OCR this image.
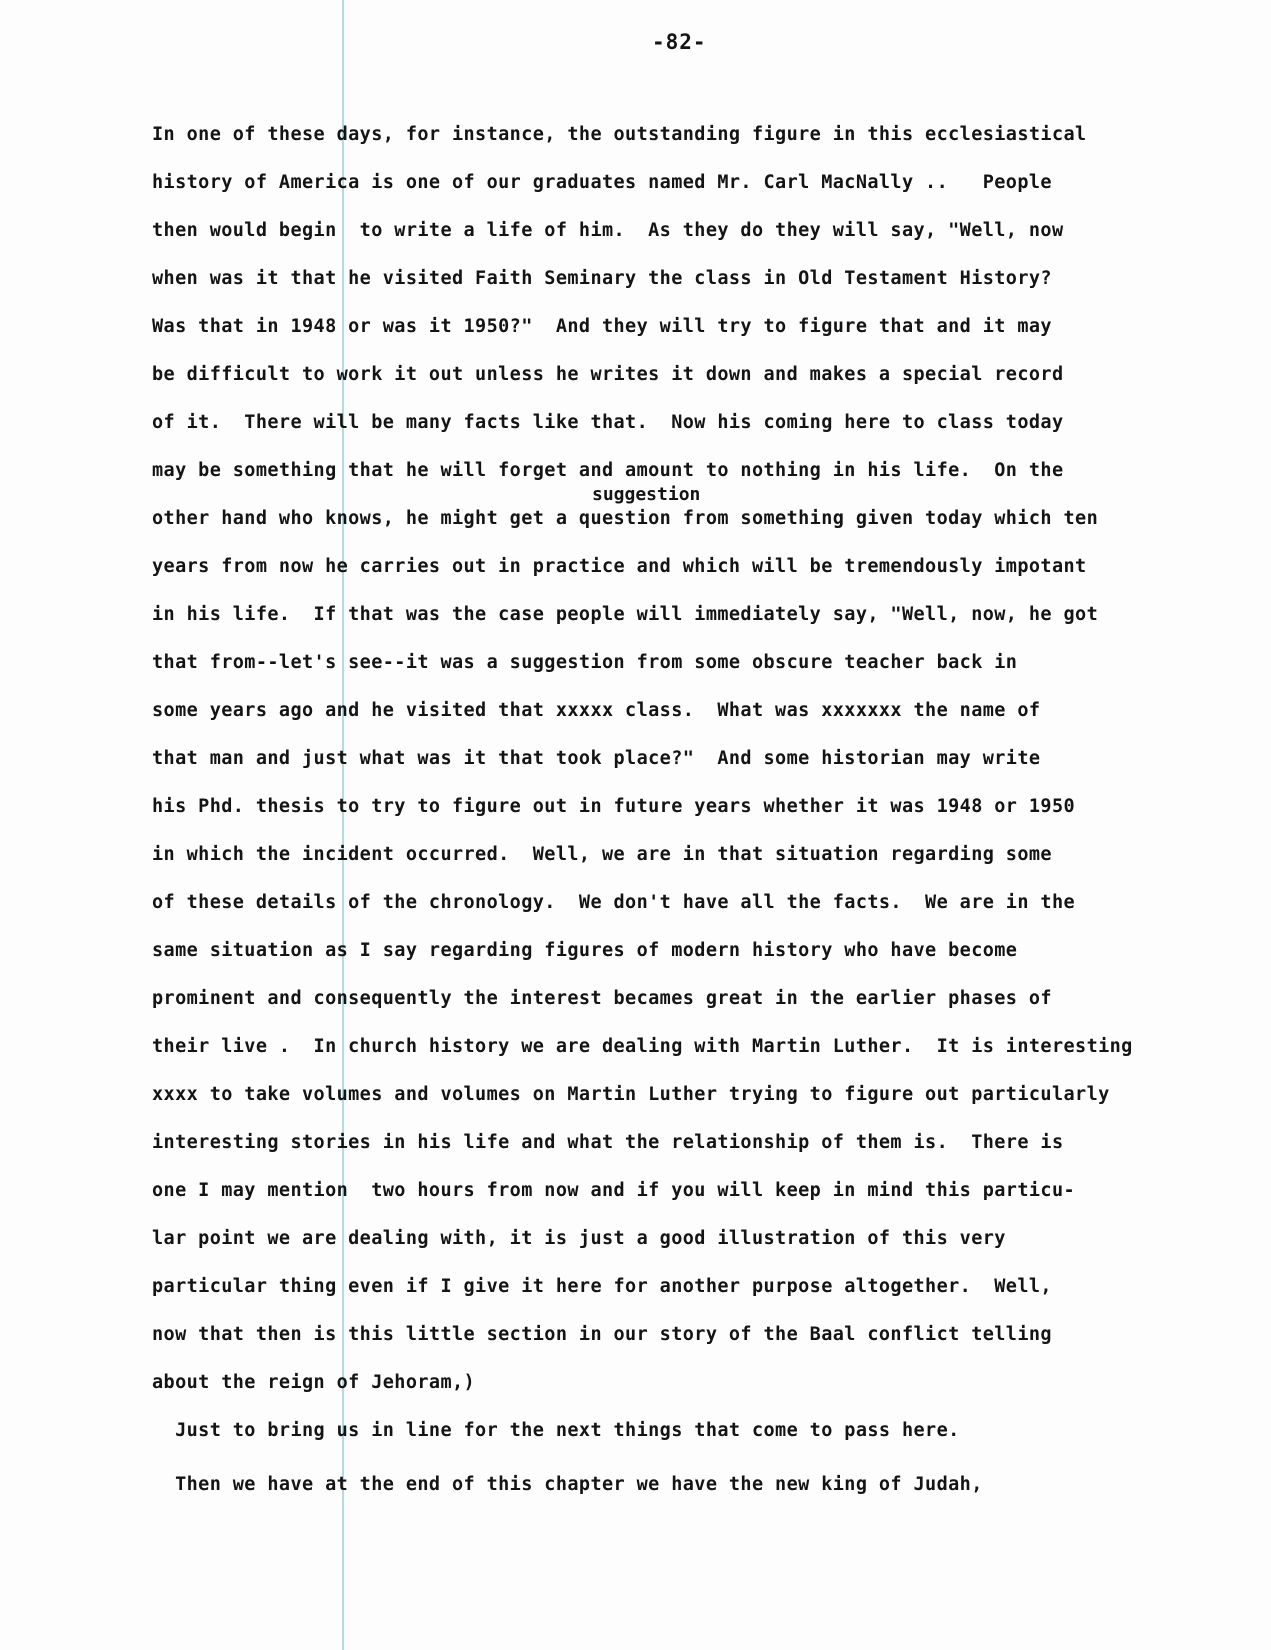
-82-
In one of these days, for instance, the outstanding figure in this ecclesiastical
history of America is one of our graduates named Mr. Carl MacNally ..   People
then would begin  to write a life of him.  As they do they will say, "Well, now
when was it that he visited Faith Seminary the class in Old Testament History?
Was that in 1948 or was it 1950?"  And they will try to figure that and it may
be difficult to work it out unless he writes it down and makes a special record
of it.  There will be many facts like that.  Now his coming here to class today
may be something that he will forget and amount to nothing in his life.  On the
suggestion
other hand who knows, he might get a question from something given today which ten
years from now he carries out in practice and which will be tremendously impotant
in his life.  If that was the case people will immediately say, "Well, now, he got
that from--let's see--it was a suggestion from some obscure teacher back in
some years ago and he visited that xxxxx class.  What was xxxxxxx the name of
that man and just what was it that took place?"  And some historian may write
his Phd. thesis to try to figure out in future years whether it was 1948 or 1950
in which the incident occurred.  Well, we are in that situation regarding some
of these details of the chronology.  We don't have all the facts.  We are in the
same situation as I say regarding figures of modern history who have become
prominent and consequently the interest becames great in the earlier phases of
their live .  In church history we are dealing with Martin Luther.  It is interesting
xxxx to take volumes and volumes on Martin Luther trying to figure out particularly
interesting stories in his life and what the relationship of them is.  There is
one I may mention  two hours from now and if you will keep in mind this particu-
lar point we are dealing with, it is just a good illustration of this very
particular thing even if I give it here for another purpose altogether.  Well,
now that then is this little section in our story of the Baal conflict telling
about the reign of Jehoram,)
Just to bring us in line for the next things that come to pass here.
Then we have at the end of this chapter we have the new king of Judah,
